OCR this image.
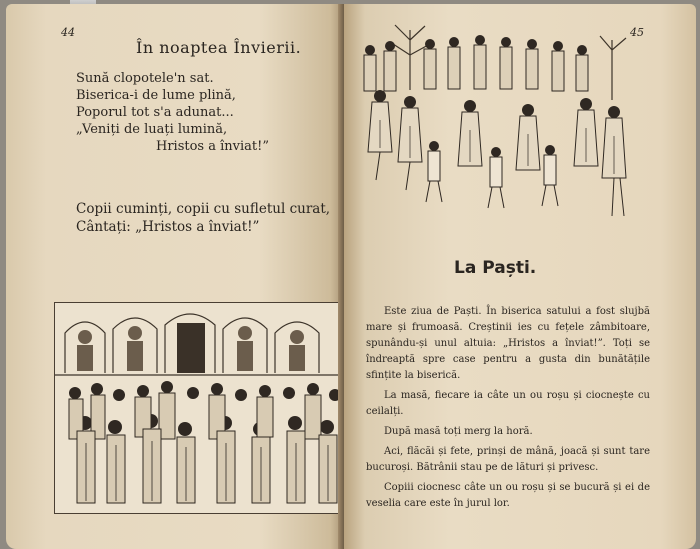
44
În noaptea Învierii.
Sună clopotele'n sat.
Biserica-i de lume plină,
Poporul tot s'a adunat...
„Veniți de luați lumină,
Hristos a înviat!”
Copii cuminți, copii cu sufletul curat,
Cântați: „Hristos a înviat!”
45
La Paști.

Este ziua de Paști. În biserica satului a fost slujbă mare și frumoasă. Creștinii ies cu fețele zâmbitoare, spunându-și unul altuia: „Hristos a înviat!”. Toți se îndreaptă spre case pentru a gusta din bunătățile sfințite la biserică.

La masă, fiecare ia câte un ou roșu și ciocnește cu ceilalți.

După masă toți merg la horă.

Aci, flăcăi și fete, prinși de mână, joacă și sunt tare bucuroși. Bătrânii stau pe de lături și privesc.

Copiii ciocnesc câte un ou roșu și se bucură și ei de veselia care este în jurul lor.
